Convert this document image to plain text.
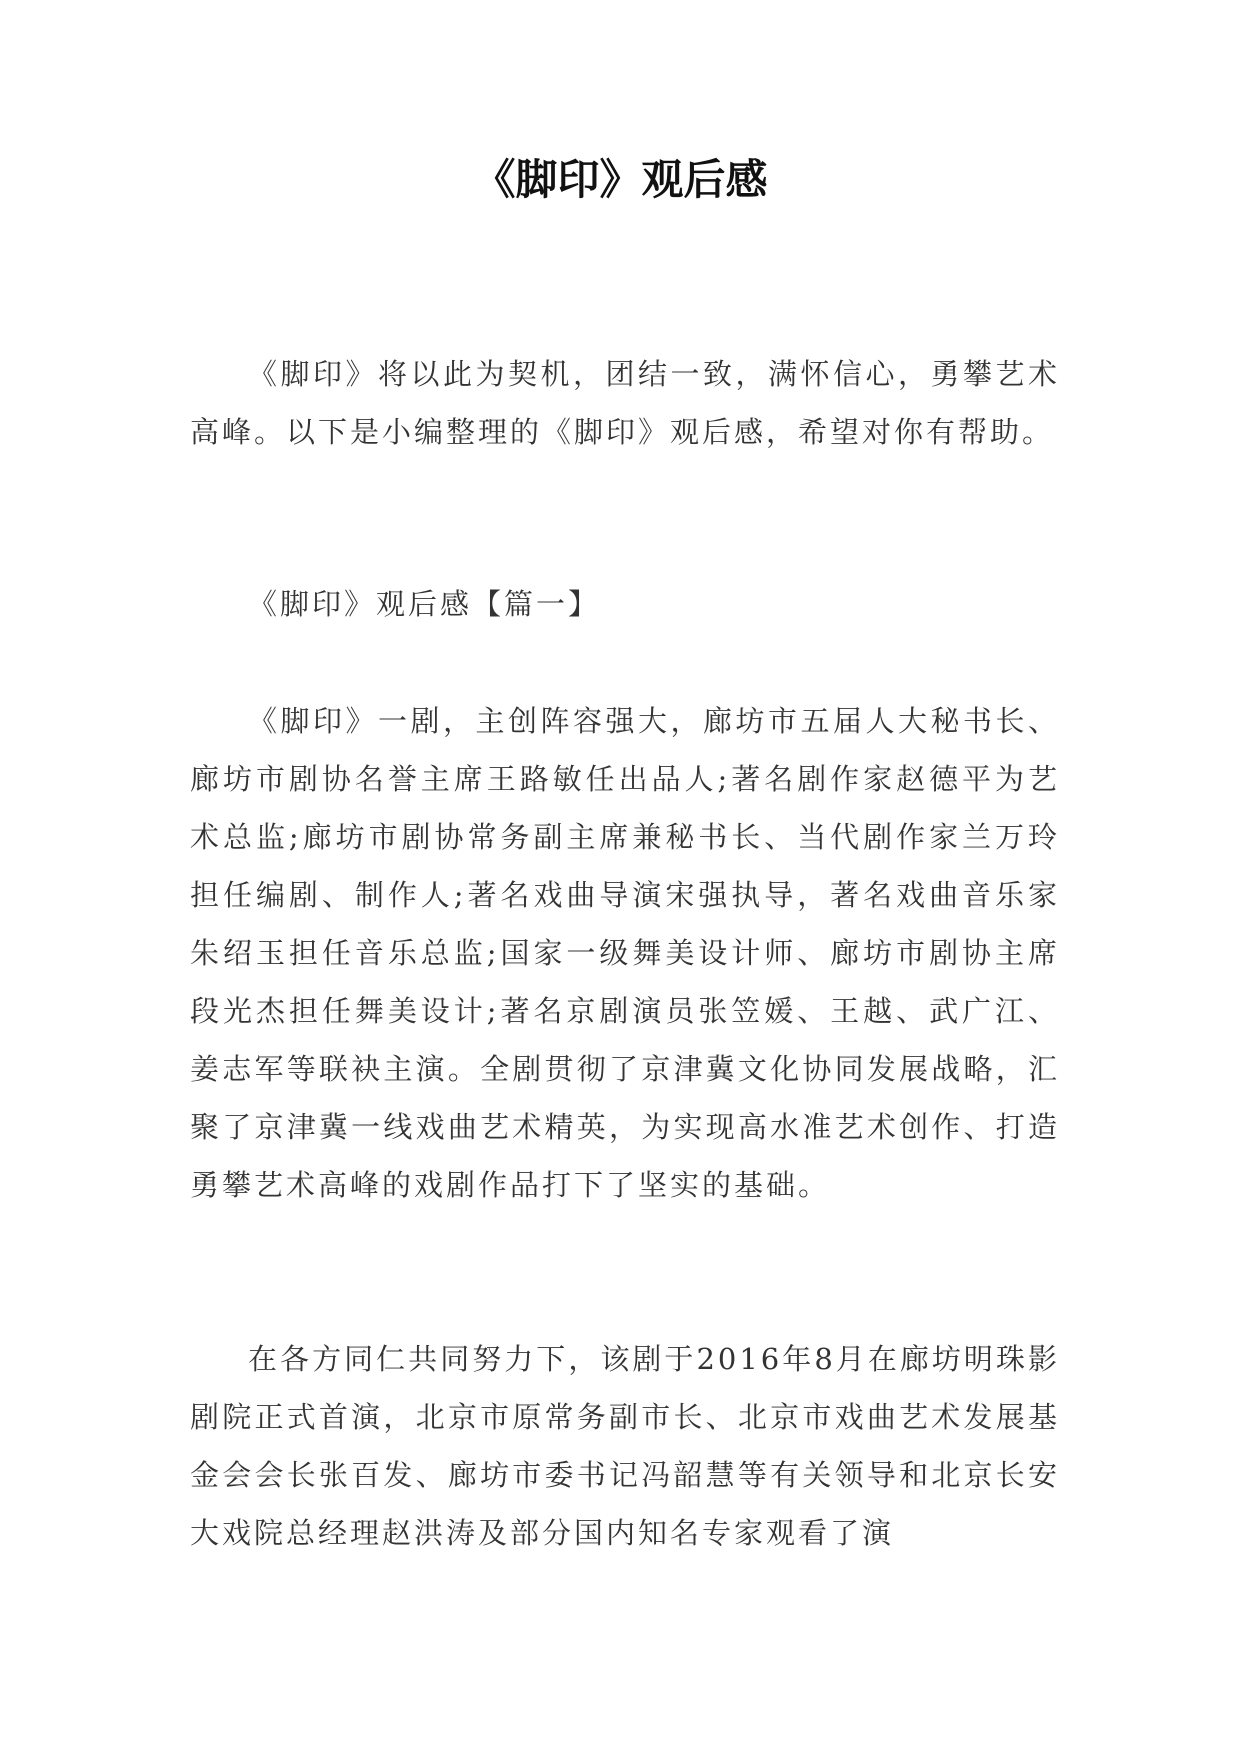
《脚印》观后感

《脚印》将以此为契机，团结一致，满怀信心，勇攀艺术高峰。以下是小编整理的《脚印》观后感，希望对你有帮助。

《脚印》观后感【篇一】

《脚印》一剧，主创阵容强大，廊坊市五届人大秘书长、廊坊市剧协名誉主席王路敏任出品人;著名剧作家赵德平为艺术总监;廊坊市剧协常务副主席兼秘书长、当代剧作家兰万玲担任编剧、制作人;著名戏曲导演宋强执导，著名戏曲音乐家朱绍玉担任音乐总监;国家一级舞美设计师、廊坊市剧协主席段光杰担任舞美设计;著名京剧演员张笠媛、王越、武广江、姜志军等联袂主演。全剧贯彻了京津冀文化协同发展战略，汇聚了京津冀一线戏曲艺术精英，为实现高水准艺术创作、打造勇攀艺术高峰的戏剧作品打下了坚实的基础。

在各方同仁共同努力下，该剧于2016年8月在廊坊明珠影剧院正式首演，北京市原常务副市长、北京市戏曲艺术发展基金会会长张百发、廊坊市委书记冯韶慧等有关领导和北京长安大戏院总经理赵洪涛及部分国内知名专家观看了演
